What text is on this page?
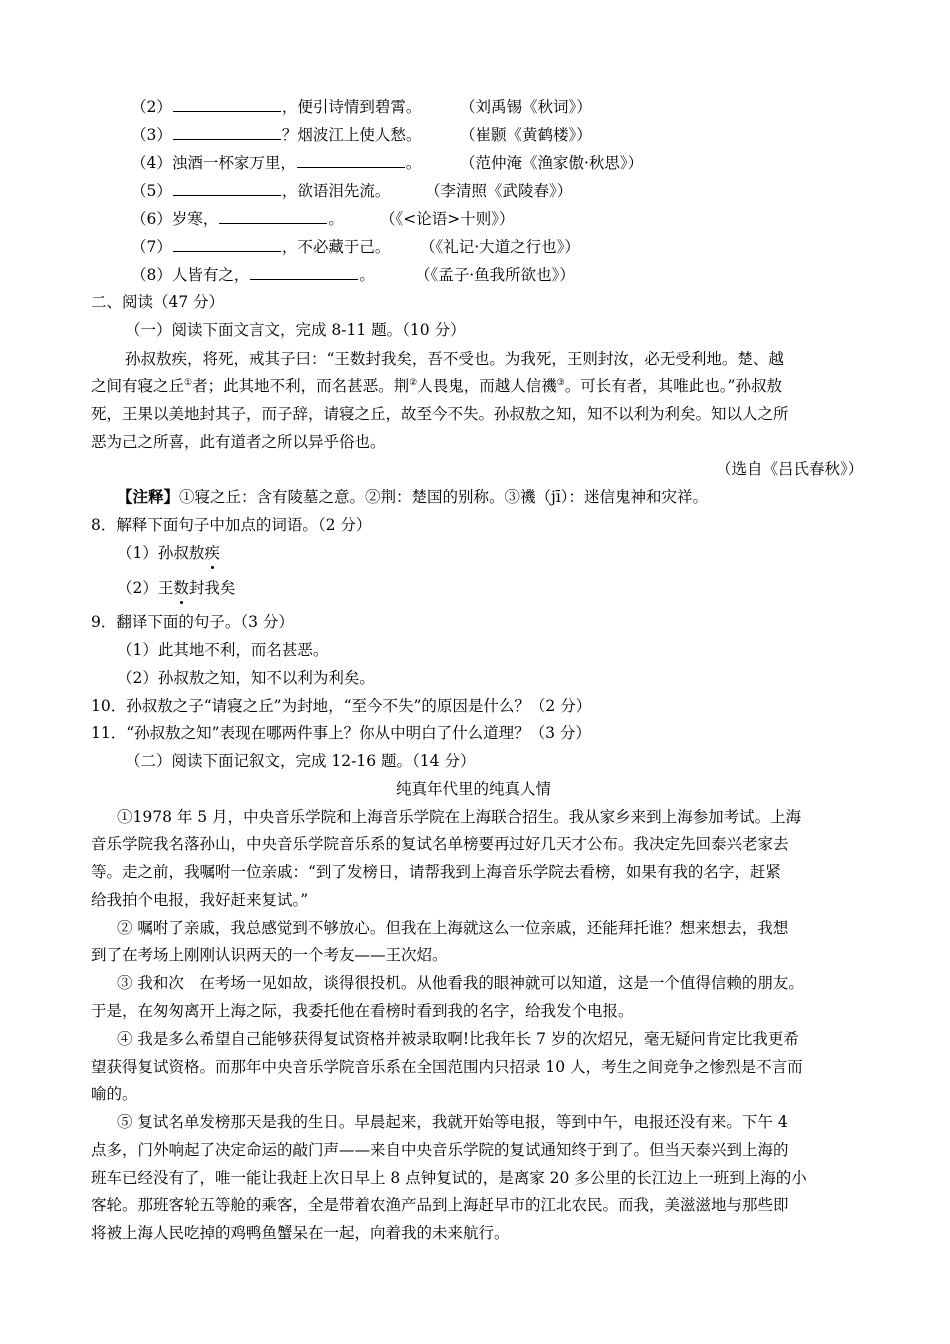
（2）	，便引诗情到碧霄。 （刘禹锡《秋词》）
（3）	？烟波江上使人愁。 （崔颢《黄鹤楼》）
（4）浊酒一杯家万里，	。 （范仲淹《渔家傲·秋思》）
（5）	，欲语泪先流。 （李清照《武陵春》）
（6）岁寒，	。 （《<论语>十则》）
（7）	，不必藏于己。 （《礼记·大道之行也》）
（8）人皆有之，	。	（《孟子·鱼我所欲也》）
二、阅读（47 分）
（一）阅读下面文言文，完成 8-11 题。（10 分）
孙叔敖疾，将死，戒其子曰：“王数封我矣，吾不受也。为我死，王则封汝，必无受利地。楚、越
之间有寝之丘①者；此其地不利，而名甚恶。荆②人畏鬼，而越人信禨③。可长有者，其唯此也。”孙叔敖
死，王果以美地封其子，而子辞，请寝之丘，故至今不失。孙叔敖之知，知不以利为利矣。知以人之所
恶为己之所喜，此有道者之所以异乎俗也。
（选自《吕氏春秋》）
【注释】①寝之丘：含有陵墓之意。②荆：楚国的别称。③禨（jī）：迷信鬼神和灾祥。
8．解释下面句子中加点的词语。（2 分）
（1）孙叔敖疾
（2）王数封我矣
9．翻译下面的句子。（3 分）
（1）此其地不利，而名甚恶。
（2）孙叔敖之知，知不以利为利矣。
10．孙叔敖之子“请寝之丘”为封地，“至今不失”的原因是什么？（2 分）
11．“孙叔敖之知”表现在哪两件事上？你从中明白了什么道理？（3 分）
（二）阅读下面记叙文，完成 12-16 题。（14 分）
纯真年代里的纯真人情
①1978 年 5 月，中央音乐学院和上海音乐学院在上海联合招生。我从家乡来到上海参加考试。上海
音乐学院我名落孙山，中央音乐学院音乐系的复试名单榜要再过好几天才公布。我决定先回泰兴老家去
等。走之前，我嘱咐一位亲戚：“到了发榜日，请帮我到上海音乐学院去看榜，如果有我的名字，赶紧
给我拍个电报，我好赶来复试。”
② 嘱咐了亲戚，我总感觉到不够放心。但我在上海就这么一位亲戚，还能拜托谁？想来想去，我想
到了在考场上刚刚认识两天的一个考友——王次炤。
③ 我和次　在考场一见如故，谈得很投机。从他看我的眼神就可以知道，这是一个值得信赖的朋友。
于是，在匆匆离开上海之际，我委托他在看榜时看到我的名字，给我发个电报。
④ 我是多么希望自己能够获得复试资格并被录取啊!比我年长 7 岁的次炤兄，毫无疑问肯定比我更希
望获得复试资格。而那年中央音乐学院音乐系在全国范围内只招录 10 人，考生之间竞争之惨烈是不言而
喻的。
⑤ 复试名单发榜那天是我的生日。早晨起来，我就开始等电报，等到中午，电报还没有来。下午 4
点多，门外响起了决定命运的敲门声——来自中央音乐学院的复试通知终于到了。但当天泰兴到上海的
班车已经没有了，唯一能让我赶上次日早上 8 点钟复试的，是离家 20 多公里的长江边上一班到上海的小
客轮。那班客轮五等舱的乘客，全是带着农渔产品到上海赶早市的江北农民。而我，美滋滋地与那些即
将被上海人民吃掉的鸡鸭鱼蟹呆在一起，向着我的未来航行。
